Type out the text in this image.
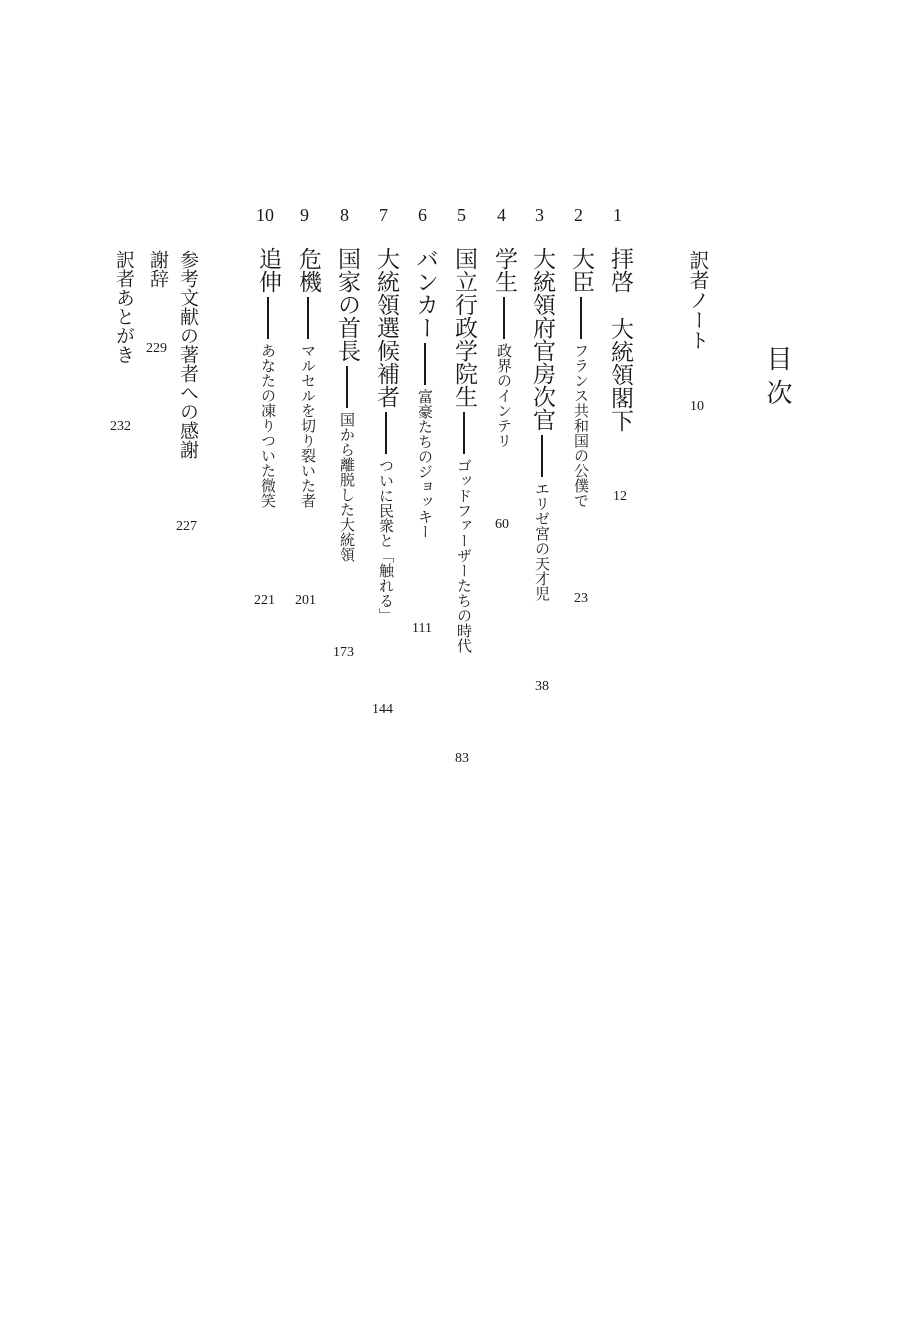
目次
訳者ノート
10
1
2
3
4
5
6
7
8
9
10
拝啓大統領閣下
12
大臣フランス共和国の公僕で
23
大統領府官房次官エリゼ宮の天才児
38
学生政界のインテリ
60
国立行政学院生ゴッドファーザーたちの時代
83
バンカー富豪たちのジョッキー
111
大統領選候補者ついに民衆と「触れる」
144
国家の首長国から離脱した大統領
173
危機マルセルを切り裂いた者
201
追伸あなたの凍りついた微笑
221
参考文献の著者への感謝
227
謝辞
229
訳者あとがき
232
